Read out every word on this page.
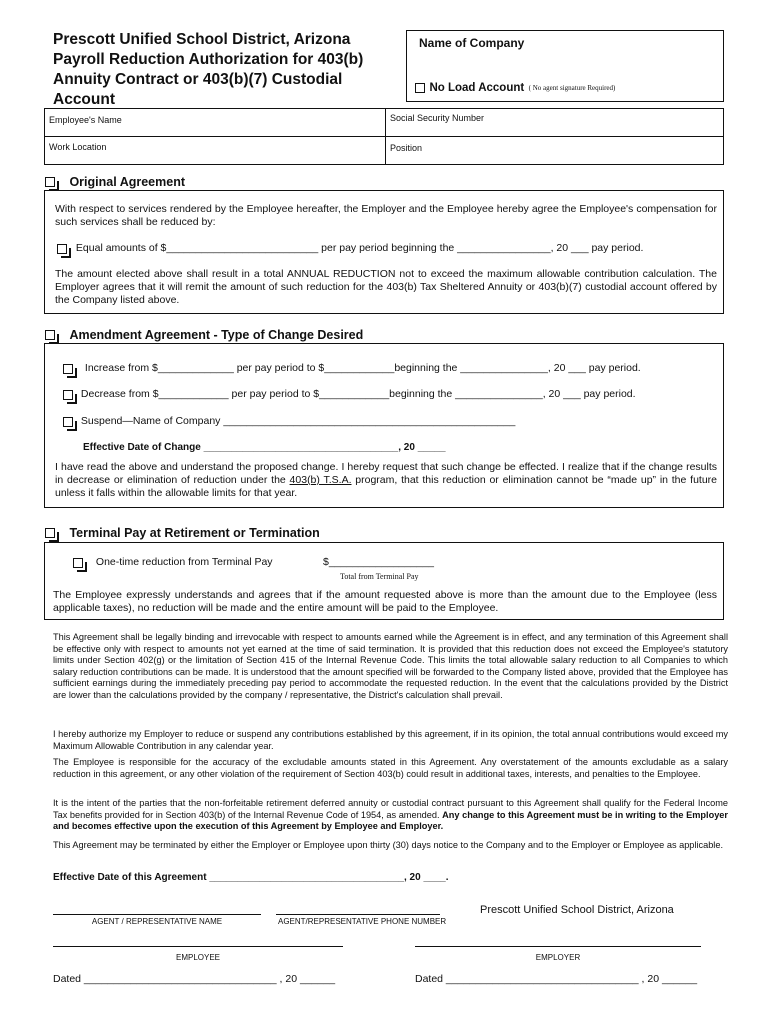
Prescott Unified School District, Arizona
Payroll Reduction Authorization for 403(b)
Annuity Contract or 403(b)(7) Custodial Account
Name of Company
No Load Account ( No agent signature Required)
Employee's Name	Social Security Number
Work Location	Position
Original Agreement
With respect to services rendered by the Employee hereafter, the Employer and the Employee hereby agree the Employee's compensation for such services shall be reduced by:
Equal amounts of $__________________________ per pay period beginning the ________________, 20 ___ pay period.
The amount elected above shall result in a total ANNUAL REDUCTION not to exceed the maximum allowable contribution calculation. The Employer agrees that it will remit the amount of such reduction for the 403(b) Tax Sheltered Annuity or 403(b)(7) custodial account offered by the Company listed above.
Amendment Agreement - Type of Change Desired
Increase from $_____________ per pay period to $____________beginning the _______________, 20 ___ pay period.
Decrease from $____________ per pay period to $____________beginning the _______________, 20 ___ pay period.
Suspend—Name of Company __________________________________________________
Effective Date of Change ___________________________________, 20 _____
I have read the above and understand the proposed change. I hereby request that such change be effected. I realize that if the change results in decrease or elimination of reduction under the 403(b) T.S.A. program, that this reduction or elimination cannot be “made up” in the future unless it falls within the allowable limits for that year.
Terminal Pay at Retirement or Termination
One-time reduction from Terminal Pay	$__________________
Total from Terminal Pay
The Employee expressly understands and agrees that if the amount requested above is more than the amount due to the Employee (less applicable taxes), no reduction will be made and the entire amount will be paid to the Employee.
This Agreement shall be legally binding and irrevocable with respect to amounts earned while the Agreement is in effect, and any termination of this Agreement shall be effective only with respect to amounts not yet earned at the time of said termination. It is provided that this reduction does not exceed the Employee's statutory limits under Section 402(g) or the limitation of Section 415 of the Internal Revenue Code. This limits the total allowable salary reduction to all Companies to which salary reduction contributions can be made. It is understood that the amount specified will be forwarded to the Company listed above, provided that the Employee has sufficient earnings during the immediately preceding pay period to accommodate the requested reduction. In the event that the calculations provided by the District are lower than the calculations provided by the company / representative, the District's calculation shall prevail.
I hereby authorize my Employer to reduce or suspend any contributions established by this agreement, if in its opinion, the total annual contributions would exceed my Maximum Allowable Contribution in any calendar year.
The Employee is responsible for the accuracy of the excludable amounts stated in this Agreement. Any overstatement of the amounts excludable as a salary reduction in this agreement, or any other violation of the requirement of Section 403(b) could result in additional taxes, interests, and penalties to the Employee.
It is the intent of the parties that the non-forfeitable retirement deferred annuity or custodial contract pursuant to this Agreement shall qualify for the Federal Income Tax benefits provided for in Section 403(b) of the Internal Revenue Code of 1954, as amended. Any change to this Agreement must be in writing to the Employer and becomes effective upon the execution of this Agreement by Employee and Employer.
This Agreement may be terminated by either the Employer or Employee upon thirty (30) days notice to the Company and to the Employer or Employee as applicable.
Effective Date of this Agreement ___________________________________, 20 ____.
AGENT / REPRESENTATIVE NAME	AGENT/REPRESENTATIVE PHONE NUMBER
Prescott Unified School District, Arizona
EMPLOYEE	EMPLOYER
Dated _________________________________ , 20 ______	Dated _________________________________ , 20 ______
